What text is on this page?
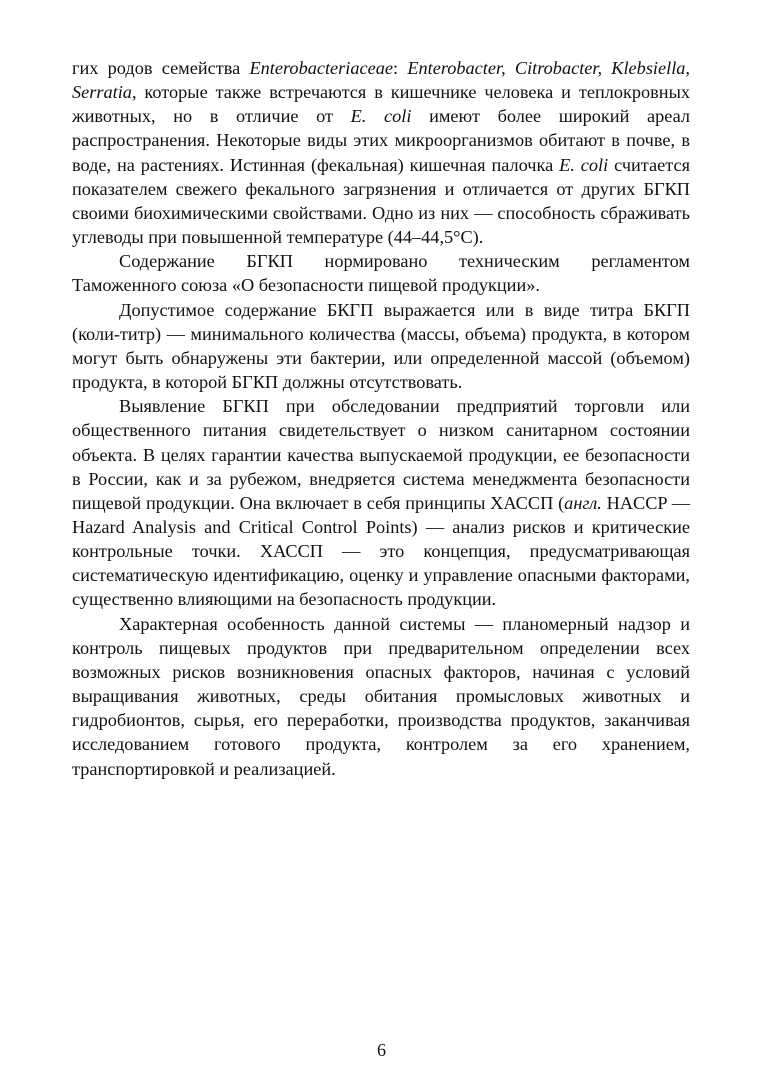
гих родов семейства Enterobacteriaceae: Enterobacter, Citrobacter, Klebsiella, Serratia, которые также встречаются в кишечнике человека и теплокровных животных, но в отличие от E. coli имеют более широкий ареал распространения. Некоторые виды этих микроорганизмов обитают в почве, в воде, на растениях. Истинная (фекальная) кишечная палочка E. coli считается показателем свежего фекального загрязнения и отличается от других БГКП своими биохимическими свойствами. Одно из них — способность сбраживать углеводы при повышенной температуре (44–44,5°С).

Содержание БГКП нормировано техническим регламентом Таможенного союза «О безопасности пищевой продукции».

Допустимое содержание БКГП выражается или в виде титра БКГП (коли-титр) — минимального количества (массы, объема) продукта, в котором могут быть обнаружены эти бактерии, или определенной массой (объемом) продукта, в которой БГКП должны отсутствовать.

Выявление БГКП при обследовании предприятий торговли или общественного питания свидетельствует о низком санитарном состоянии объекта. В целях гарантии качества выпускаемой продукции, ее безопасности в России, как и за рубежом, внедряется система менеджмента безопасности пищевой продукции. Она включает в себя принципы ХАССП (англ. HACCP — Hazard Analysis and Critical Control Points) — анализ рисков и критические контрольные точки. ХАССП — это концепция, предусматривающая систематическую идентификацию, оценку и управление опасными факторами, существенно влияющими на безопасность продукции.

Характерная особенность данной системы — планомерный надзор и контроль пищевых продуктов при предварительном определении всех возможных рисков возникновения опасных факторов, начиная с условий выращивания животных, среды обитания промысловых животных и гидробионтов, сырья, его переработки, производства продуктов, заканчивая исследованием готового продукта, контролем за его хранением, транспортировкой и реализацией.

6
